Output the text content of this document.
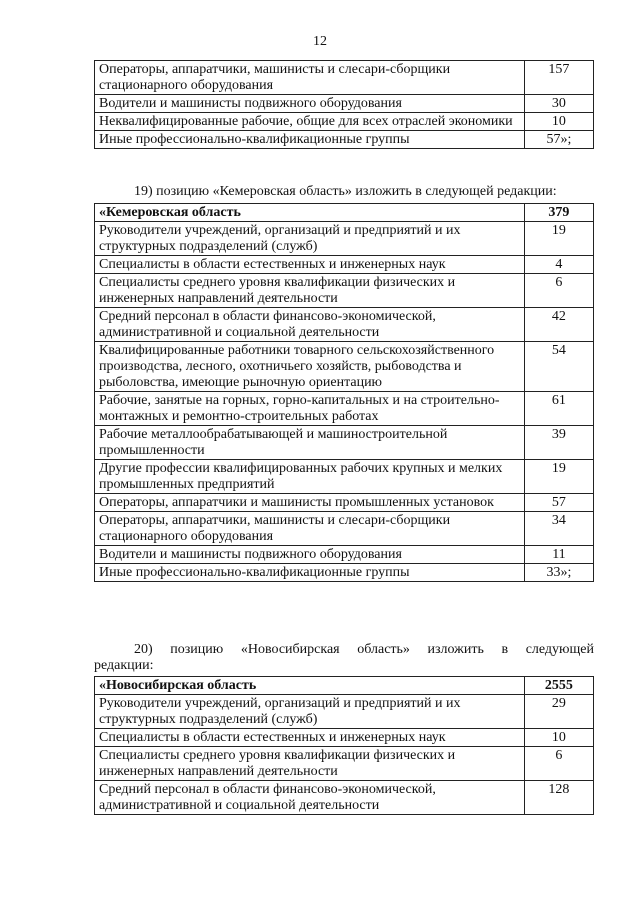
12
Операторы, аппаратчики, машинисты и слесари-сборщики стационарного оборудования	157
Водители и машинисты подвижного оборудования	30
Неквалифицированные рабочие, общие для всех отраслей экономики	10
Иные профессионально-квалификационные группы	57»;
19) позицию «Кемеровская область» изложить в следующей редакции:
«Кемеровская область	379
Руководители учреждений, организаций и предприятий и их структурных подразделений (служб)	19
Специалисты в области естественных и инженерных наук	4
Специалисты среднего уровня квалификации физических и инженерных направлений деятельности	6
Средний персонал в области финансово-экономической, административной и социальной деятельности	42
Квалифицированные работники товарного сельскохозяйственного производства, лесного, охотничьего хозяйств, рыбоводства и рыболовства, имеющие рыночную ориентацию	54
Рабочие, занятые на горных, горно-капитальных и на строительно-монтажных и ремонтно-строительных работах	61
Рабочие металлообрабатывающей и машиностроительной промышленности	39
Другие профессии квалифицированных рабочих крупных и мелких промышленных предприятий	19
Операторы, аппаратчики и машинисты промышленных установок	57
Операторы, аппаратчики, машинисты и слесари-сборщики стационарного оборудования	34
Водители и машинисты подвижного оборудования	11
Иные профессионально-квалификационные группы	33»;
20) позицию «Новосибирская область» изложить в следующей редакции:
«Новосибирская область	2555
Руководители учреждений, организаций и предприятий и их структурных подразделений (служб)	29
Специалисты в области естественных и инженерных наук	10
Специалисты среднего уровня квалификации физических и инженерных направлений деятельности	6
Средний персонал в области финансово-экономической, административной и социальной деятельности	128
